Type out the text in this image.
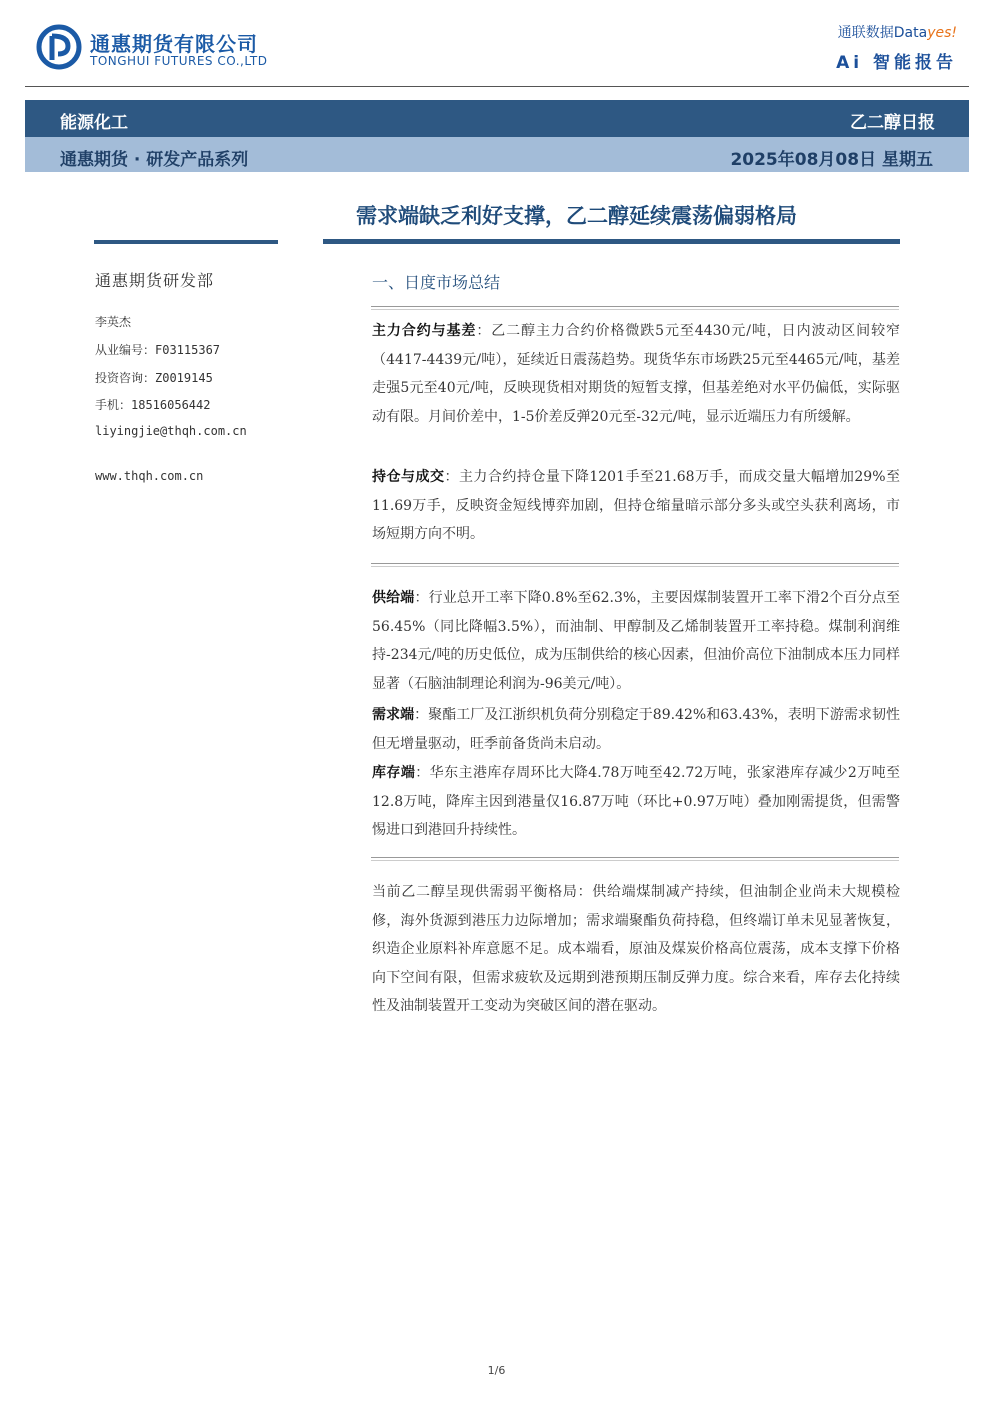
通惠期货有限公司
TONGHUI FUTURES CO.,LTD
通联数据Datayes!
Ai 智能报告
能源化工	乙二醇日报
通惠期货 · 研发产品系列	2025年08月08日 星期五
需求端缺乏利好支撑，乙二醇延续震荡偏弱格局
通惠期货研发部
李英杰
从业编号：F03115367
投资咨询：Z0019145
手机：18516056442
liyingjie@thqh.com.cn
www.thqh.com.cn
一、日度市场总结

主力合约与基差：乙二醇主力合约价格微跌5元至4430元/吨，日内波动区间较窄（4417-4439元/吨），延续近日震荡趋势。现货华东市场跌25元至4465元/吨，基差走强5元至40元/吨，反映现货相对期货的短暂支撑，但基差绝对水平仍偏低，实际驱动有限。月间价差中，1-5价差反弹20元至-32元/吨，显示近端压力有所缓解。

持仓与成交：主力合约持仓量下降1201手至21.68万手，而成交量大幅增加29%至11.69万手，反映资金短线博弈加剧，但持仓缩量暗示部分多头或空头获利离场，市场短期方向不明。

供给端：行业总开工率下降0.8%至62.3%，主要因煤制装置开工率下滑2个百分点至56.45%（同比降幅3.5%），而油制、甲醇制及乙烯制装置开工率持稳。煤制利润维持-234元/吨的历史低位，成为压制供给的核心因素，但油价高位下油制成本压力同样显著（石脑油制理论利润为-96美元/吨）。

需求端：聚酯工厂及江浙织机负荷分别稳定于89.42%和63.43%，表明下游需求韧性但无增量驱动，旺季前备货尚未启动。

库存端：华东主港库存周环比大降4.78万吨至42.72万吨，张家港库存减少2万吨至12.8万吨，降库主因到港量仅16.87万吨（环比+0.97万吨）叠加刚需提货，但需警惕进口到港回升持续性。

当前乙二醇呈现供需弱平衡格局：供给端煤制减产持续，但油制企业尚未大规模检修，海外货源到港压力边际增加；需求端聚酯负荷持稳，但终端订单未见显著恢复，织造企业原料补库意愿不足。成本端看，原油及煤炭价格高位震荡，成本支撑下价格向下空间有限，但需求疲软及远期到港预期压制反弹力度。综合来看，库存去化持续性及油制装置开工变动为突破区间的潜在驱动。

1/6
